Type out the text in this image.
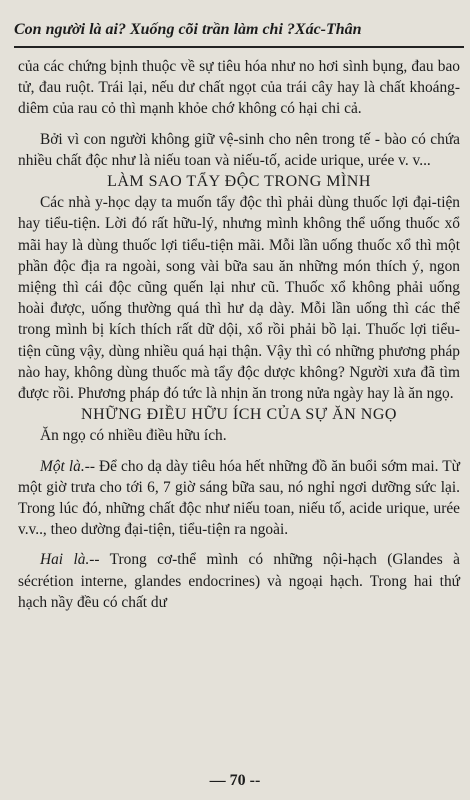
Con người là ai? Xuống cõi trần làm chi ?Xác-Thân

của các chứng bịnh thuộc về sự tiêu hóa như no hơi sình bụng, đau bao tử, đau ruột. Trái lại, nếu dư chất ngọt của trái cây hay là chất khoáng-diêm của rau cỏ thì mạnh khỏe chớ không có hại chi cả.

Bởi vì con người không giữ vệ-sinh cho nên trong tế - bào có chứa nhiều chất độc như là niếu toan và niếu-tố, acide urique, urée v. v...

LÀM SAO TẨY ĐỘC TRONG MÌNH

Các nhà y-học dạy ta muốn tẩy độc thì phải dùng thuốc lợi đại-tiện hay tiểu-tiện. Lời đó rất hữu-lý, nhưng mình không thể uống thuốc xổ mãi hay là dùng thuốc lợi tiểu-tiện mãi. Mỗi lần uống thuốc xổ thì một phần độc địa ra ngoài, song vài bữa sau ăn những món thích ý, ngon miệng thì cái độc cũng quến lại như cũ. Thuốc xổ không phải uống hoài được, uống thường quá thì hư dạ dày. Mỗi lần uống thì các thể trong mình bị kích thích rất dữ dội, xổ rồi phải bồ lại. Thuốc lợi tiểu-tiện cũng vậy, dùng nhiều quá hại thận. Vậy thì có những phương pháp nào hay, không dùng thuốc mà tẩy độc dược không? Người xưa đã tìm được rồi. Phương pháp đó tức là nhịn ăn trong nửa ngày hay là ăn ngọ.

NHỮNG ĐIỀU HỮU ÍCH CỦA SỰ ĂN NGỌ

Ăn ngọ có nhiều điều hữu ích.

Một là.-- Để cho dạ dày tiêu hóa hết những đồ ăn buổi sớm mai. Từ một giờ trưa cho tới 6, 7 giờ sáng bữa sau, nó nghỉ ngơi dưỡng sức lại. Trong lúc đó, những chất độc như niếu toan, niếu tố, acide urique, urée v.v.., theo dường đại-tiện, tiểu-tiện ra ngoài.

Hai là.-- Trong cơ-thể mình có những nội-hạch (Glandes à sécrétion interne, glandes endocrines) và ngoại hạch. Trong hai thứ hạch nầy đều có chất dư

— 70 --
